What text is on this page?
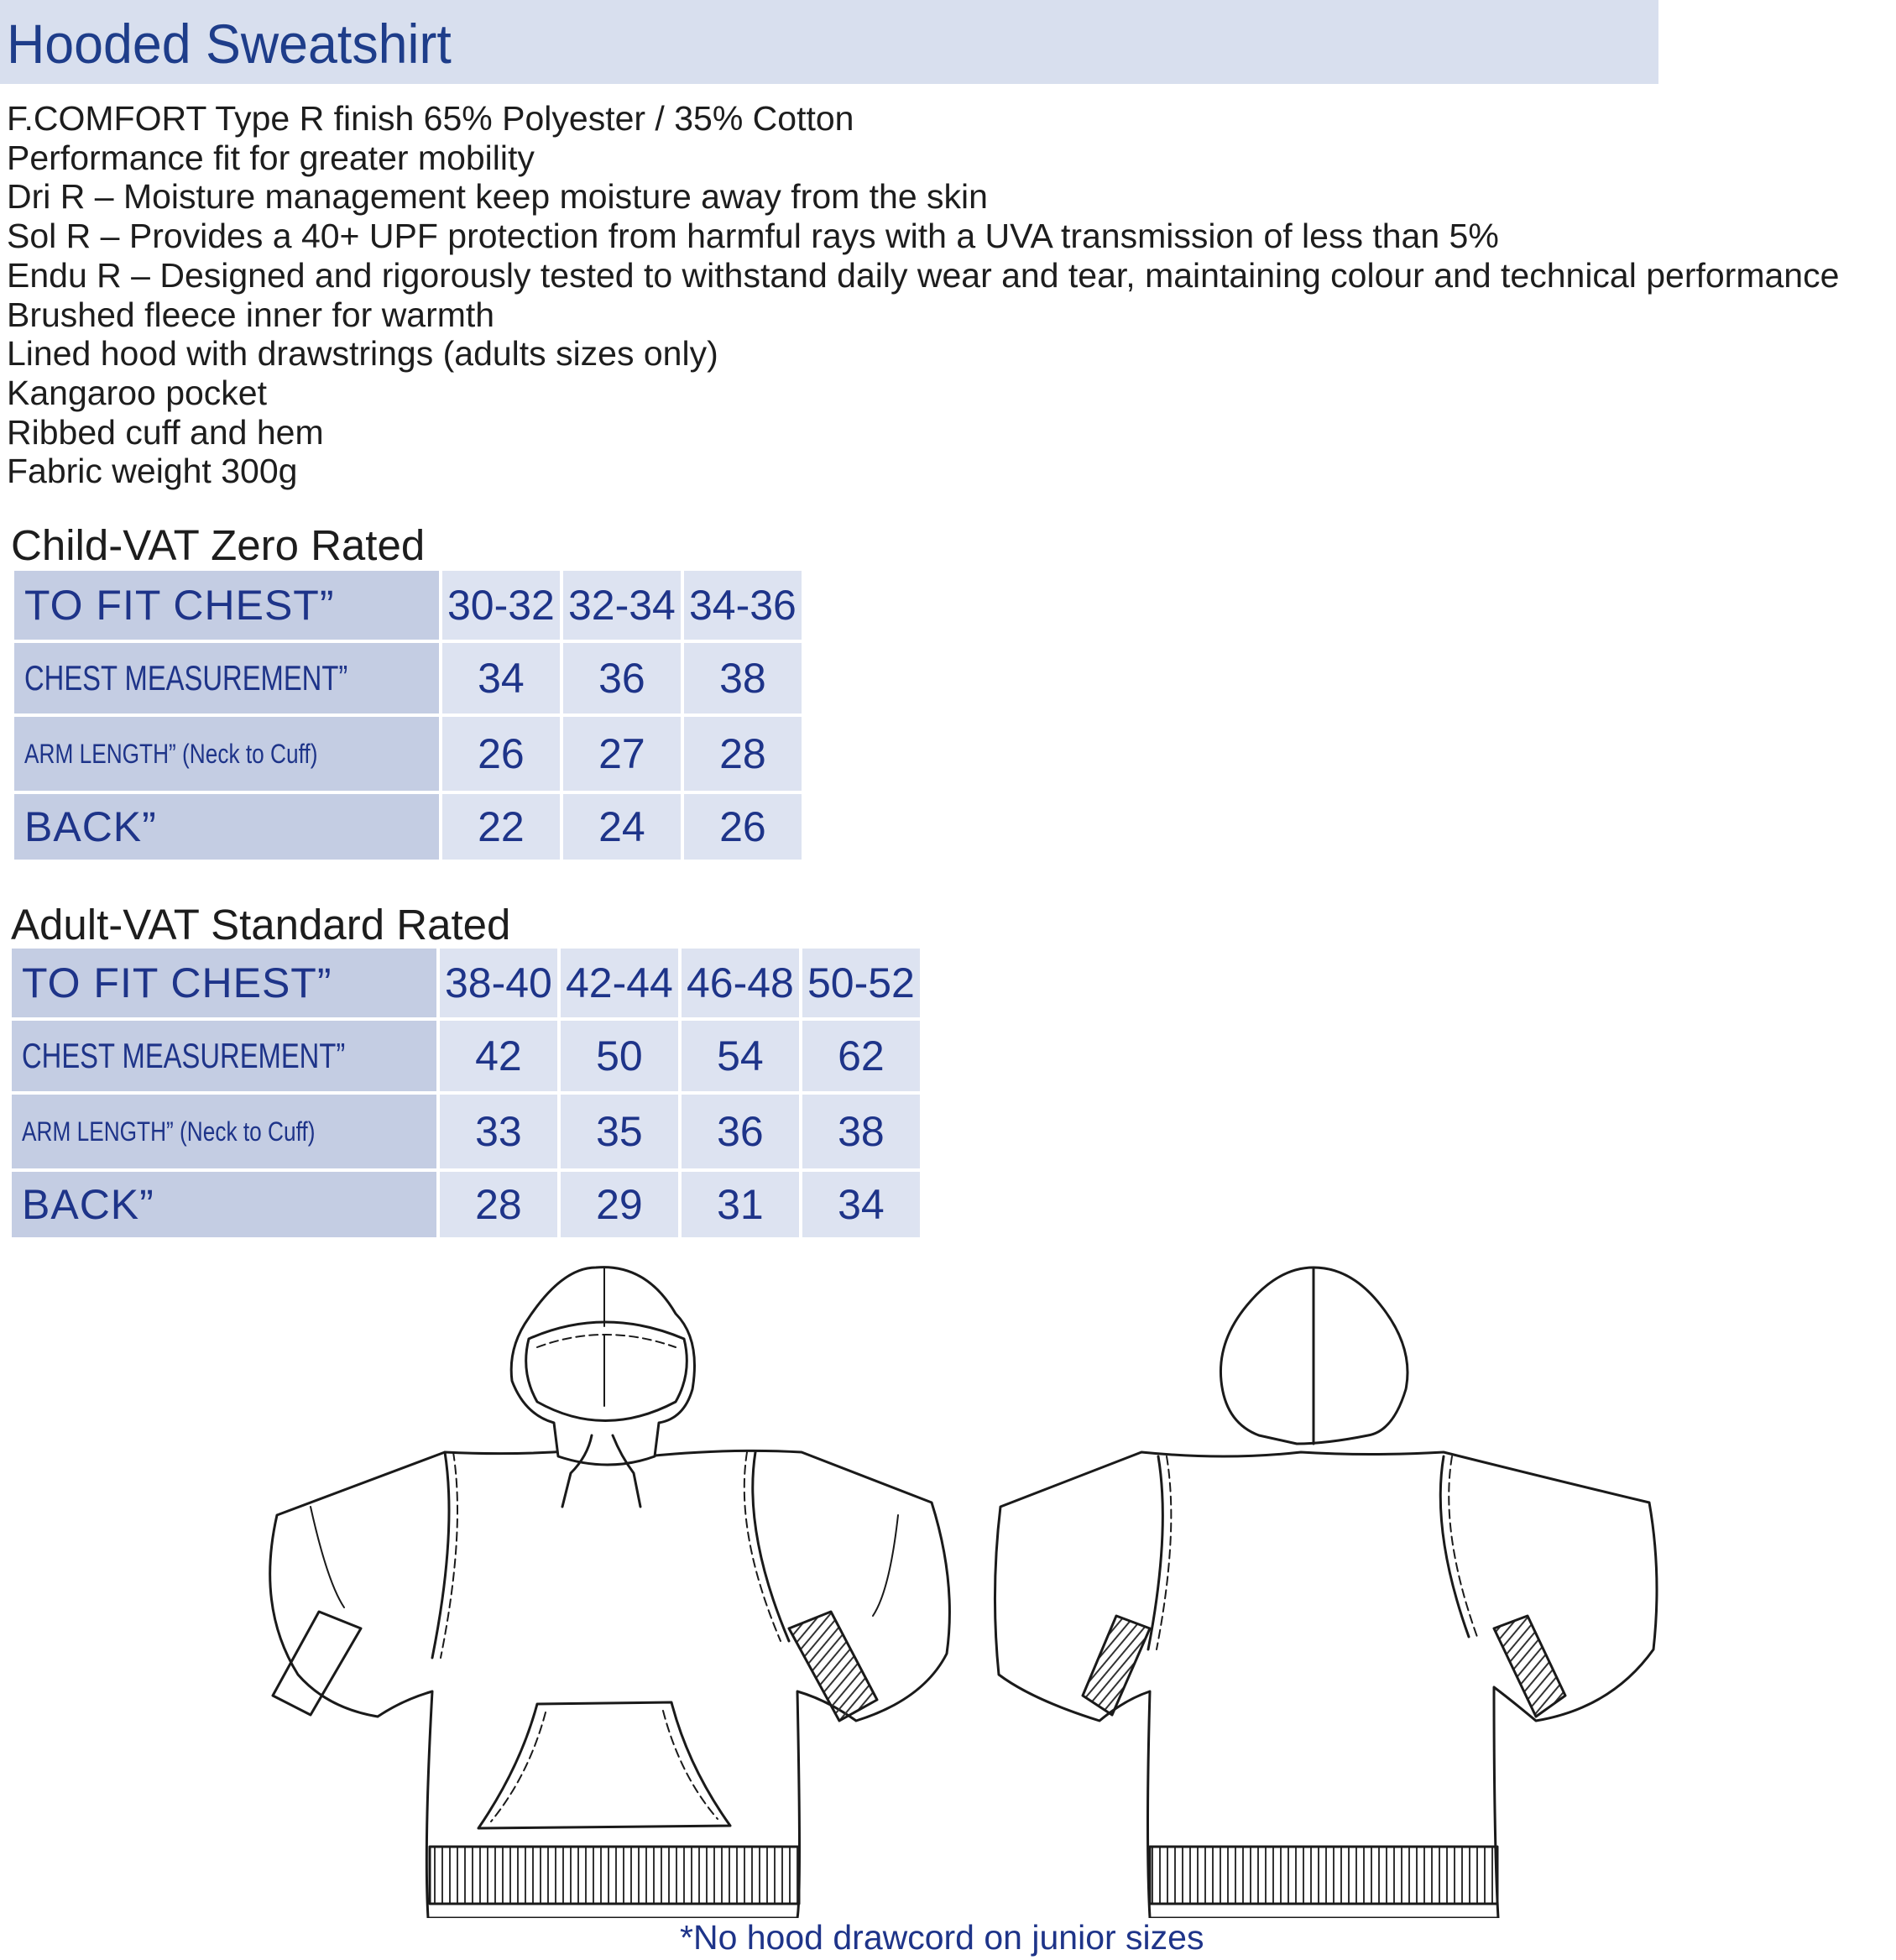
Hooded Sweatshirt
F.COMFORT Type R finish 65% Polyester / 35% Cotton
Performance fit for greater mobility
Dri R – Moisture management keep moisture away from the skin
Sol R – Provides a 40+ UPF protection from harmful rays with a UVA transmission of less than 5%
Endu R – Designed and rigorously tested to withstand daily wear and tear, maintaining colour and technical performance
Brushed fleece inner for warmth
Lined hood with drawstrings (adults sizes only)
Kangaroo pocket
Ribbed cuff and hem
Fabric weight 300g
Child-VAT Zero Rated
TO FIT CHEST”	30-32	32-34	34-36
CHEST MEASUREMENT”	34	36	38
ARM LENGTH” (Neck to Cuff)	26	27	28
BACK”	22	24	26
Adult-VAT Standard Rated
TO FIT CHEST”	38-40	42-44	46-48	50-52
CHEST MEASUREMENT”	42	50	54	62
ARM LENGTH” (Neck to Cuff)	33	35	36	38
BACK”	28	29	31	34
*No hood drawcord on junior sizes
